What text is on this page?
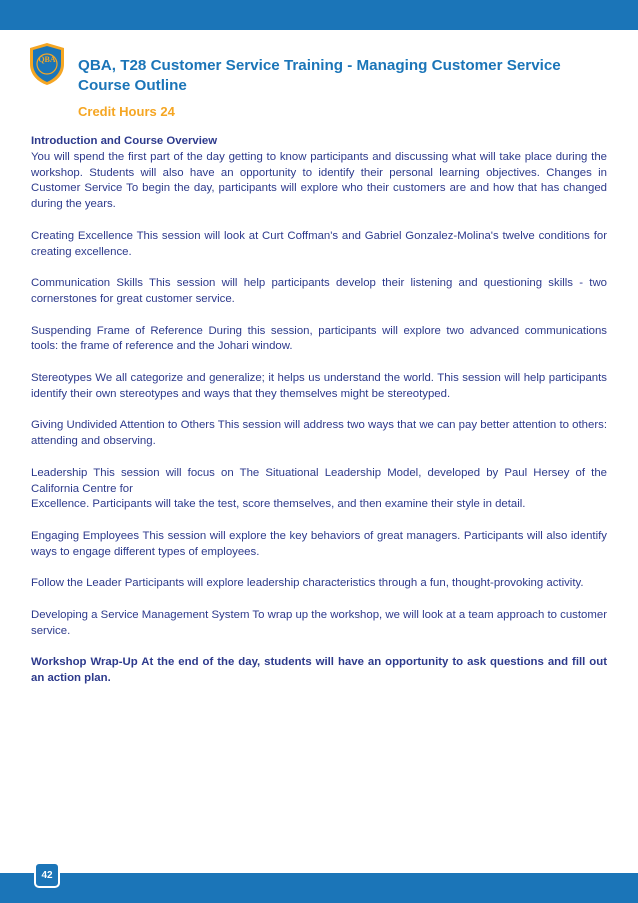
QBA QBA, T28 Customer Service Training - Managing Customer Service
Course Outline
Credit Hours 24

Introduction and Course Overview
You will spend the first part of the day getting to know participants and discussing what will take place during the workshop. Students will also have an opportunity to identify their personal learning objectives. Changes in Customer Service To begin the day, participants will explore who their customers are and how that has changed during the years.

Creating Excellence This session will look at Curt Coffman's and Gabriel Gonzalez-Molina's twelve conditions for creating excellence.

Communication Skills This session will help participants develop their listening and questioning skills - two cornerstones for great customer service.

Suspending Frame of Reference During this session, participants will explore two advanced communications tools: the frame of reference and the Johari window.

Stereotypes We all categorize and generalize; it helps us understand the world. This session will help participants identify their own stereotypes and ways that they themselves might be stereotyped.

Giving Undivided Attention to Others This session will address two ways that we can pay better attention to others: attending and observing.

Leadership This session will focus on The Situational Leadership Model, developed by Paul Hersey of the California Centre for
Excellence. Participants will take the test, score themselves, and then examine their style in detail.

Engaging Employees This session will explore the key behaviors of great managers. Participants will also identify ways to engage different types of employees.

Follow the Leader Participants will explore leadership characteristics through a fun, thought-provoking activity.

Developing a Service Management System To wrap up the workshop, we will look at a team approach to customer service.

Workshop Wrap-Up At the end of the day, students will have an opportunity to ask questions and fill out an action plan.

42
